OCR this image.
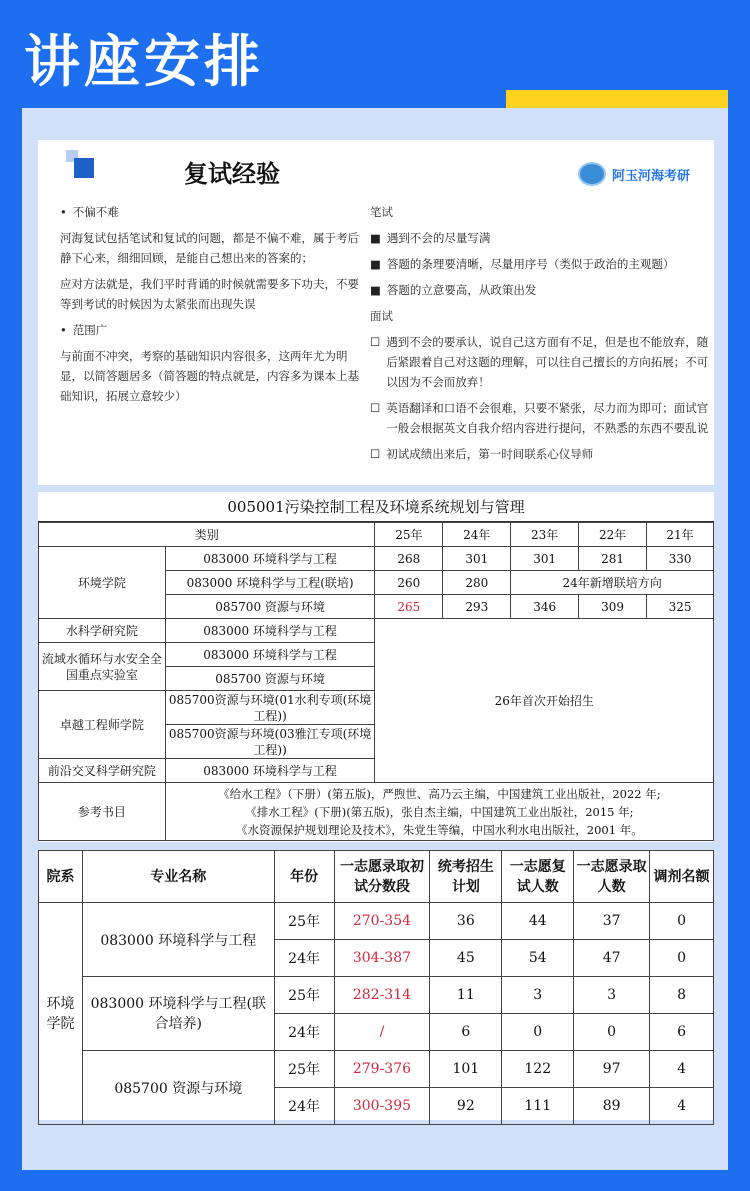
讲座安排
复试经验	阿玉河海考研

• 不偏不难

河海复试包括笔试和复试的问题，都是不偏不难，属于考后静下心来，细细回顾，是能自己想出来的答案的；

应对方法就是，我们平时背诵的时候就需要多下功夫，不要等到考试的时候因为太紧张而出现失误

• 范围广

与前面不冲突，考察的基础知识内容很多，这两年尤为明显，以简答题居多（简答题的特点就是，内容多为课本上基础知识，拓展立意较少）

笔试

■ 遇到不会的尽量写满

■ 答题的条理要清晰，尽量用序号（类似于政治的主观题）

■ 答题的立意要高，从政策出发

面试

☐ 遇到不会的要承认，说自己这方面有不足，但是也不能放弃，随后紧跟着自己对这题的理解，可以往自己擅长的方向拓展；不可以因为不会而放弃！

☐ 英语翻译和口语不会很难，只要不紧张，尽力而为即可；面试官一般会根据英文自我介绍内容进行提问，不熟悉的东西不要乱说

☐ 初试成绩出来后，第一时间联系心仪导师

005001污染控制工程及环境系统规划与管理
类别		25年	24年	23年	22年	21年
环境学院	083000 环境科学与工程	268	301	301	281	330
	083000 环境科学与工程(联培)	260	280	24年新增联培方向		
	085700 资源与环境	265	293	346	309	325
水科学研究院	083000 环境科学与工程	26年首次开始招生				
流域水循环与水安全全国重点实验室	083000 环境科学与工程					
	085700 资源与环境					
卓越工程师学院	085700资源与环境(01水利专项(环境工程))					
	085700资源与环境(03雅江专项(环境工程))					
前沿交叉科学研究院	083000 环境科学与工程					
参考书目	《给水工程》（下册）(第五版)，严煦世、高乃云主编，中国建筑工业出版社，2022 年;
《排水工程》(下册)(第五版)，张自杰主编，中国建筑工业出版社，2015 年;
《水资源保护规划理论及技术》，朱党生等编，中国水利水电出版社，2001 年。					
院系	专业名称	年份	一志愿录取初试分数段	统考招生计划	一志愿复试人数	一志愿录取人数	调剂名额
环境学院	083000 环境科学与工程	25年	270-354	36	44	37	0
		24年	304-387	45	54	47	0
	083000 环境科学与工程(联合培养)	25年	282-314	11	3	3	8
		24年	/	6	0	0	6
	085700 资源与环境	25年	279-376	101	122	97	4
		24年	300-395	92	111	89	4
